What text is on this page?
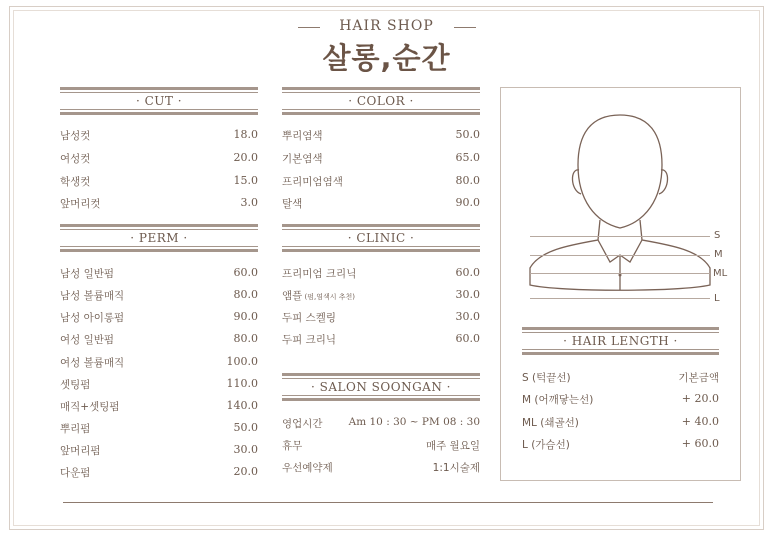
HAIR SHOP
살롱,순간
· CUT ·
남성컷	18.0
여성컷	20.0
학생컷	15.0
앞머리컷	3.0
· PERM ·
남성 일반펌	60.0
남성 볼륨매직	80.0
남성 아이롱펌	90.0
여성 일반펌	80.0
여성 볼륨매직	100.0
셋팅펌	110.0
매직+셋팅펌	140.0
뿌리펌	50.0
앞머리펌	30.0
다운펌	20.0
· COLOR ·
뿌리염색	50.0
기본염색	65.0
프리미엄염색	80.0
탈색	90.0
· CLINIC ·
프리미엄 크리닉	60.0
앰플 (펌,염색시 추천)	30.0
두피 스켈링	30.0
두피 크리닉	60.0
· SALON SOONGAN ·
영업시간 Am 10 : 30 ~ PM 08 : 30
휴무	매주 월요일
우선예약제	1:1시술제
S
M
ML
L
· HAIR LENGTH ·
S (턱끝선)	기본금액
M (어깨닿는선)	+ 20.0
ML (쇄골선)	+ 40.0
L (가슴선)	+ 60.0
